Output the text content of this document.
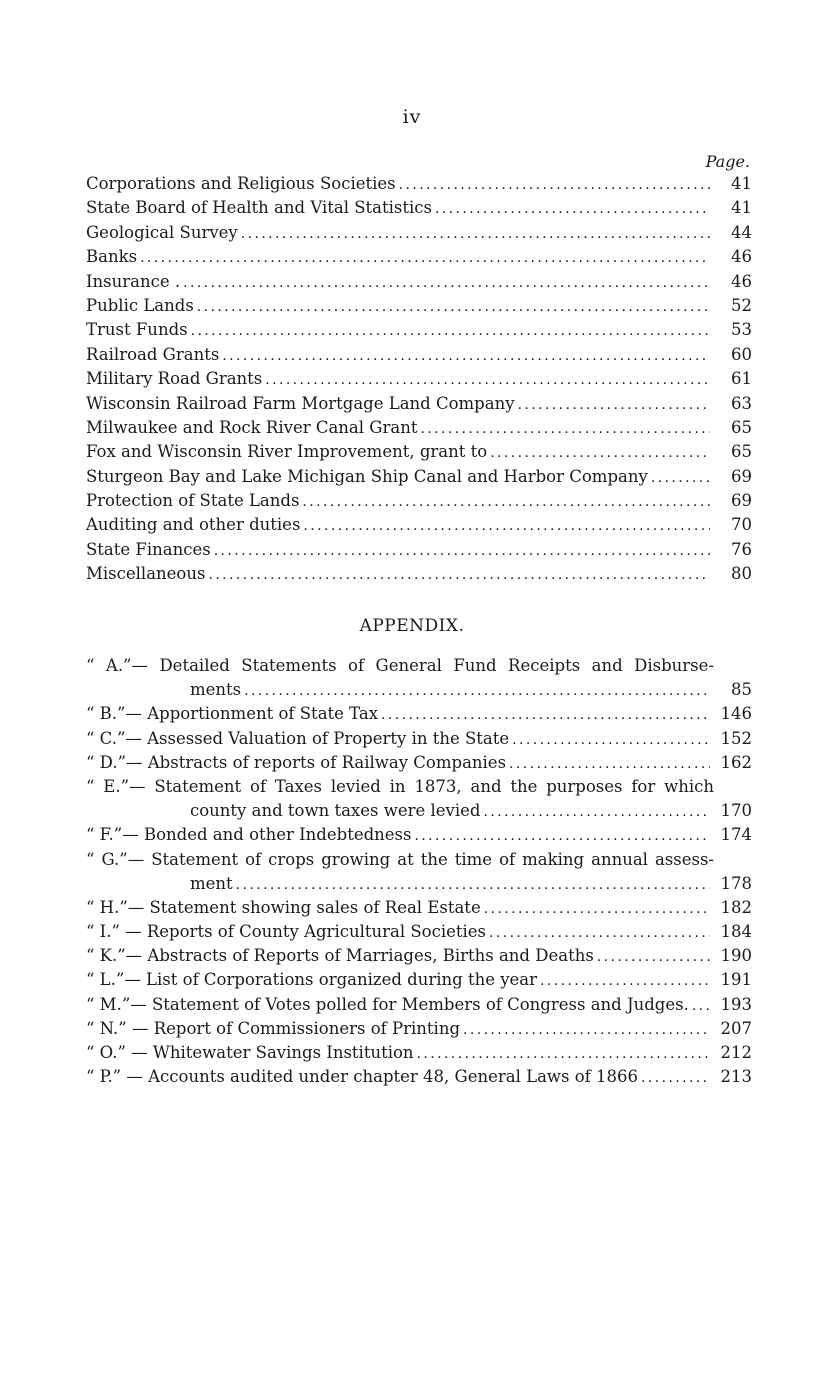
iv
Page.
Corporations and Religious Societies .....	41
State Board of Health and Vital Statistics .....	41
Geological Survey .....	44
Banks .....	46
Insurance . .....	46
Public Lands .....	52
Trust Funds .....	53
Railroad Grants .....	60
Military Road Grants .....	61
Wisconsin Railroad Farm Mortgage Land Company .....	63
Milwaukee and Rock River Canal Grant .....	65
Fox and Wisconsin River Improvement, grant to .....	65
Sturgeon Bay and Lake Michigan Ship Canal and Harbor Company .....	69
Protection of State Lands .....	69
Auditing and other duties .....	70
State Finances .....	76
Miscellaneous .....	80
APPENDIX.
“ A.”— Detailed Statements of General Fund Receipts and Disburse-
ments .....	85
“ B.”— Apportionment of State Tax .....	146
“ C.”— Assessed Valuation of Property in the State .....	152
“ D.”— Abstracts of reports of Railway Companies .....	162
“ E.”— Statement of Taxes levied in 1873, and the purposes for which
county and town taxes were levied .....	170
“ F.”— Bonded and other Indebtedness .....	174
“ G.”— Statement of crops growing at the time of making annual assess-
ment .....	178
“ H.”— Statement showing sales of Real Estate .....	182
“ I.” — Reports of County Agricultural Societies .....	184
“ K.”— Abstracts of Reports of Marriages, Births and Deaths .....	190
“ L.”— List of Corporations organized during the year .....	191
“ M.”— Statement of Votes polled for Members of Congress and Judges. ..... 193
“ N.” — Report of Commissioners of Printing .....	207
“ O.” — Whitewater Savings Institution .....	212
“ P.” — Accounts audited under chapter 48, General Laws of 1866 .....	213
